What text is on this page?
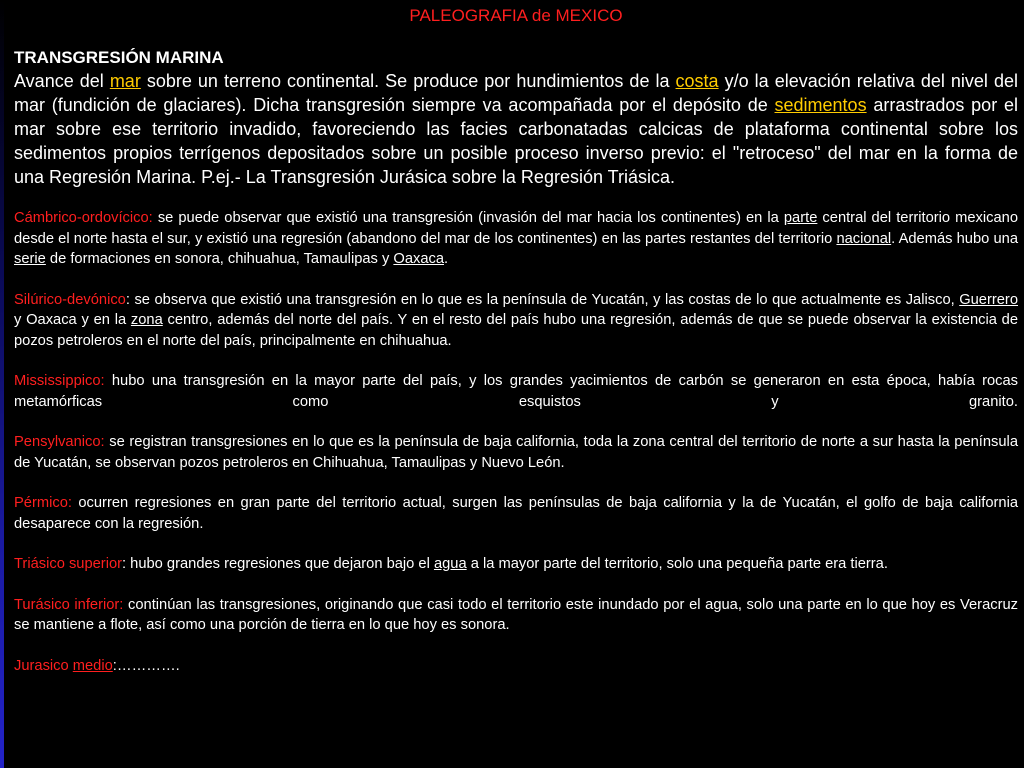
PALEOGRAFIA de MEXICO
TRANSGRESIÓN MARINA

Avance del mar sobre un terreno continental. Se produce por hundimientos de la costa y/o la elevación relativa del nivel del mar (fundición de glaciares). Dicha transgresión siempre va acompañada por el depósito de sedimentos arrastrados por el mar sobre ese territorio invadido, favoreciendo las facies carbonatadas calcicas de plataforma continental sobre los sedimentos propios terrígenos depositados sobre un posible proceso inverso previo: el "retroceso" del mar en la forma de una Regresión Marina. P.ej.- La Transgresión Jurásica sobre la Regresión Triásica.

Cámbrico-ordovícico: se puede observar que existió una transgresión (invasión del mar hacia los continentes) en la parte central del territorio mexicano desde el norte hasta el sur, y existió una regresión (abandono del mar de los continentes) en las partes restantes del territorio nacional. Además hubo una serie de formaciones en sonora, chihuahua, Tamaulipas y Oaxaca.

Silúrico-devónico: se observa que existió una transgresión en lo que es la península de Yucatán, y las costas de lo que actualmente es Jalisco, Guerrero y Oaxaca y en la zona centro, además del norte del país. Y en el resto del país hubo una regresión, además de que se puede observar la existencia de pozos petroleros en el norte del país, principalmente en chihuahua.

Mississippico: hubo una transgresión en la mayor parte del país, y los grandes yacimientos de carbón se generaron en esta época, había rocas metamórficas como esquistos y granito.

Pensylvanico: se registran transgresiones en lo que es la península de baja california, toda la zona central del territorio de norte a sur hasta la península de Yucatán, se observan pozos petroleros en Chihuahua, Tamaulipas y Nuevo León.

Pérmico: ocurren regresiones en gran parte del territorio actual, surgen las penínsulas de baja california y la de Yucatán, el golfo de baja california desaparece con la regresión.

Triásico superior: hubo grandes regresiones que dejaron bajo el agua a la mayor parte del territorio, solo una pequeña parte era tierra.

Turásico inferior: continúan las transgresiones, originando que casi todo el territorio este inundado por el agua, solo una parte en lo que hoy es Veracruz se mantiene a flote, así como una porción de tierra en lo que hoy es sonora.

Jurasico medio:………….
